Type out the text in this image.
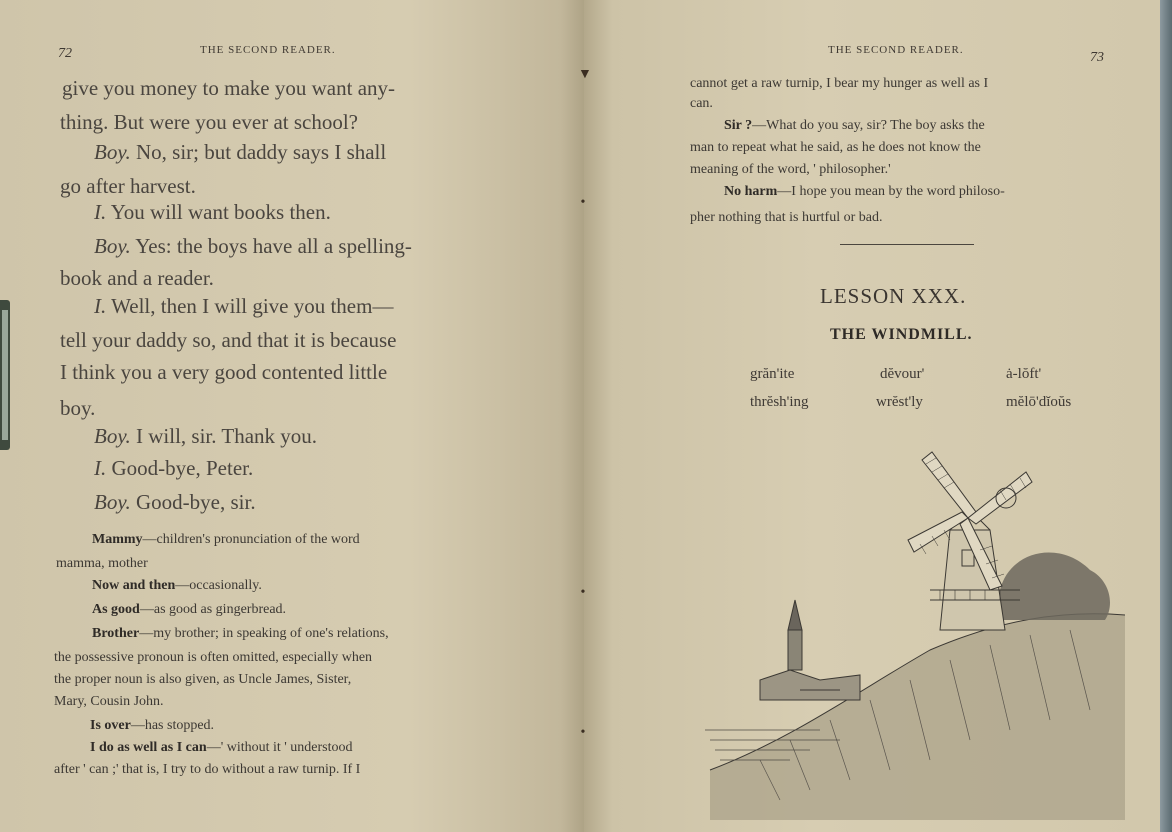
72	THE SECOND READER.
give you money to make you want any-
thing. But were you ever at school?
Boy. No, sir; but daddy says I shall
go after harvest.
I. You will want books then.
Boy. Yes: the boys have all a spelling-
book and a reader.
I. Well, then I will give you them—
tell your daddy so, and that it is because
I think you a very good contented little
boy.
Boy. I will, sir. Thank you.
I. Good-bye, Peter.
Boy. Good-bye, sir.
Mammy—children's pronunciation of the word
mamma, mother
Now and then—occasionally.
As good—as good as gingerbread.
Brother—my brother; in speaking of one's relations,
the possessive pronoun is often omitted, especially when
the proper noun is also given, as Uncle James, Sister,
Mary, Cousin John.
Is over—has stopped.
I do as well as I can—' without it ' understood
after ' can ;' that is, I try to do without a raw turnip. If I
THE SECOND READER.	73
cannot get a raw turnip, I bear my hunger as well as I
can.
Sir ?—What do you say, sir? The boy asks the
man to repeat what he said, as he does not know the
meaning of the word, ' philosopher.'
No harm—I hope you mean by the word philoso-
pher nothing that is hurtful or bad.
LESSON XXX.
THE WINDMILL.
grăn'ite	dĕvour'	ȧ-lŏft'
thrĕsh'ing	wrĕst'ly	mĕlō'dĭoŭs
▼
•
•
•
